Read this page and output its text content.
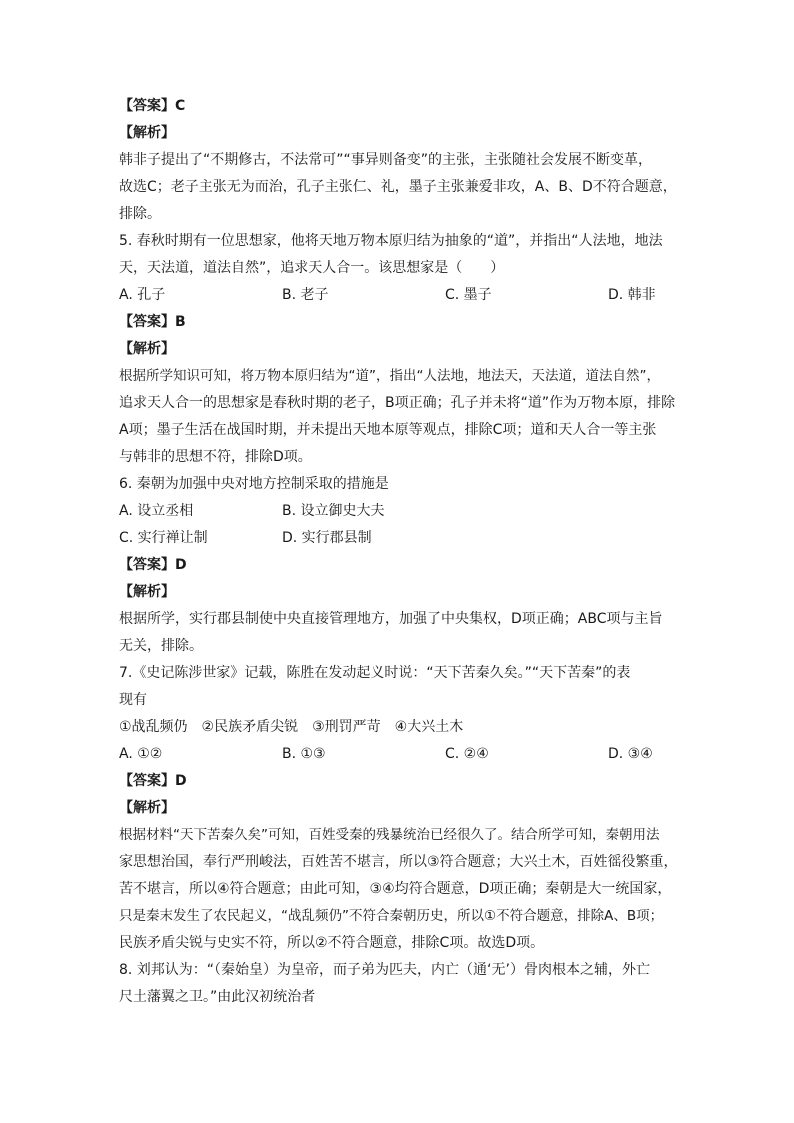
【答案】C
【解析】
韩非子提出了“不期修古，不法常可”“事异则备变”的主张，主张随社会发展不断变革，
故选C；老子主张无为而治，孔子主张仁、礼，墨子主张兼爱非攻，A、B、D不符合题意，
排除。
5. 春秋时期有一位思想家，他将天地万物本原归结为抽象的“道”，并指出“人法地，地法
天，天法道，道法自然”，追求天人合一。该思想家是（　　）
A. 孔子	B. 老子	C. 墨子	D. 韩非
【答案】B
【解析】
根据所学知识可知，将万物本原归结为“道”，指出“人法地，地法天，天法道，道法自然”，
追求天人合一的思想家是春秋时期的老子，B项正确；孔子并未将“道”作为万物本原，排除
A项；墨子生活在战国时期，并未提出天地本原等观点，排除C项；道和天人合一等主张
与韩非的思想不符，排除D项。
6. 秦朝为加强中央对地方控制采取的措施是
A. 设立丞相	B. 设立御史大夫
C. 实行禅让制	D. 实行郡县制
【答案】D
【解析】
根据所学，实行郡县制使中央直接管理地方，加强了中央集权，D项正确；ABC项与主旨
无关，排除。
7.《史记陈涉世家》记载，陈胜在发动起义时说：“天下苦秦久矣。”“天下苦秦”的表
现有
①战乱频仍　②民族矛盾尖锐　③刑罚严苛　④大兴土木
A. ①②	B. ①③	C. ②④	D. ③④
【答案】D
【解析】
根据材料“天下苦秦久矣”可知，百姓受秦的残暴统治已经很久了。结合所学可知，秦朝用法
家思想治国，奉行严刑峻法，百姓苦不堪言，所以③符合题意；大兴土木，百姓徭役繁重，
苦不堪言，所以④符合题意；由此可知，③④均符合题意，D项正确；秦朝是大一统国家，
只是秦末发生了农民起义，“战乱频仍”不符合秦朝历史，所以①不符合题意，排除A、B项；
民族矛盾尖锐与史实不符，所以②不符合题意，排除C项。故选D项。
8. 刘邦认为：“（秦始皇）为皇帝，而子弟为匹夫，内亡（通‘无’）骨肉根本之辅，外亡
尺土藩翼之卫。”由此汉初统治者
